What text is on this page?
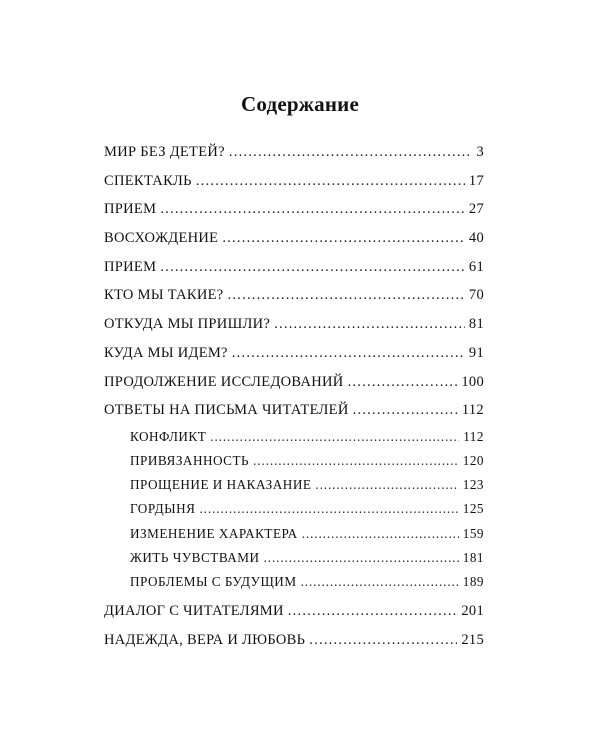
Содержание
МИР БЕЗ ДЕТЕЙ? . . .	3
СПЕКТАКЛЬ . . .	17
ПРИЕМ . . .	27
ВОСХОЖДЕНИЕ . . .	40
ПРИЕМ . . .	61
КТО МЫ ТАКИЕ? . . .	70
ОТКУДА МЫ ПРИШЛИ? . . .	81
КУДА МЫ ИДЕМ? . . .	91
ПРОДОЛЖЕНИЕ ИССЛЕДОВАНИЙ . . .	100
ОТВЕТЫ НА ПИСЬМА ЧИТАТЕЛЕЙ . . .	112
КОНФЛИКТ . . .	112
ПРИВЯЗАННОСТЬ . . .	120
ПРОЩЕНИЕ И НАКАЗАНИЕ . . .	123
ГОРДЫНЯ . . .	125
ИЗМЕНЕНИЕ ХАРАКТЕРА . . .	159
ЖИТЬ ЧУВСТВАМИ . . .	181
ПРОБЛЕМЫ С БУДУЩИМ . . .	189
ДИАЛОГ С ЧИТАТЕЛЯМИ . . .	201
НАДЕЖДА, ВЕРА И ЛЮБОВЬ . . .	215
